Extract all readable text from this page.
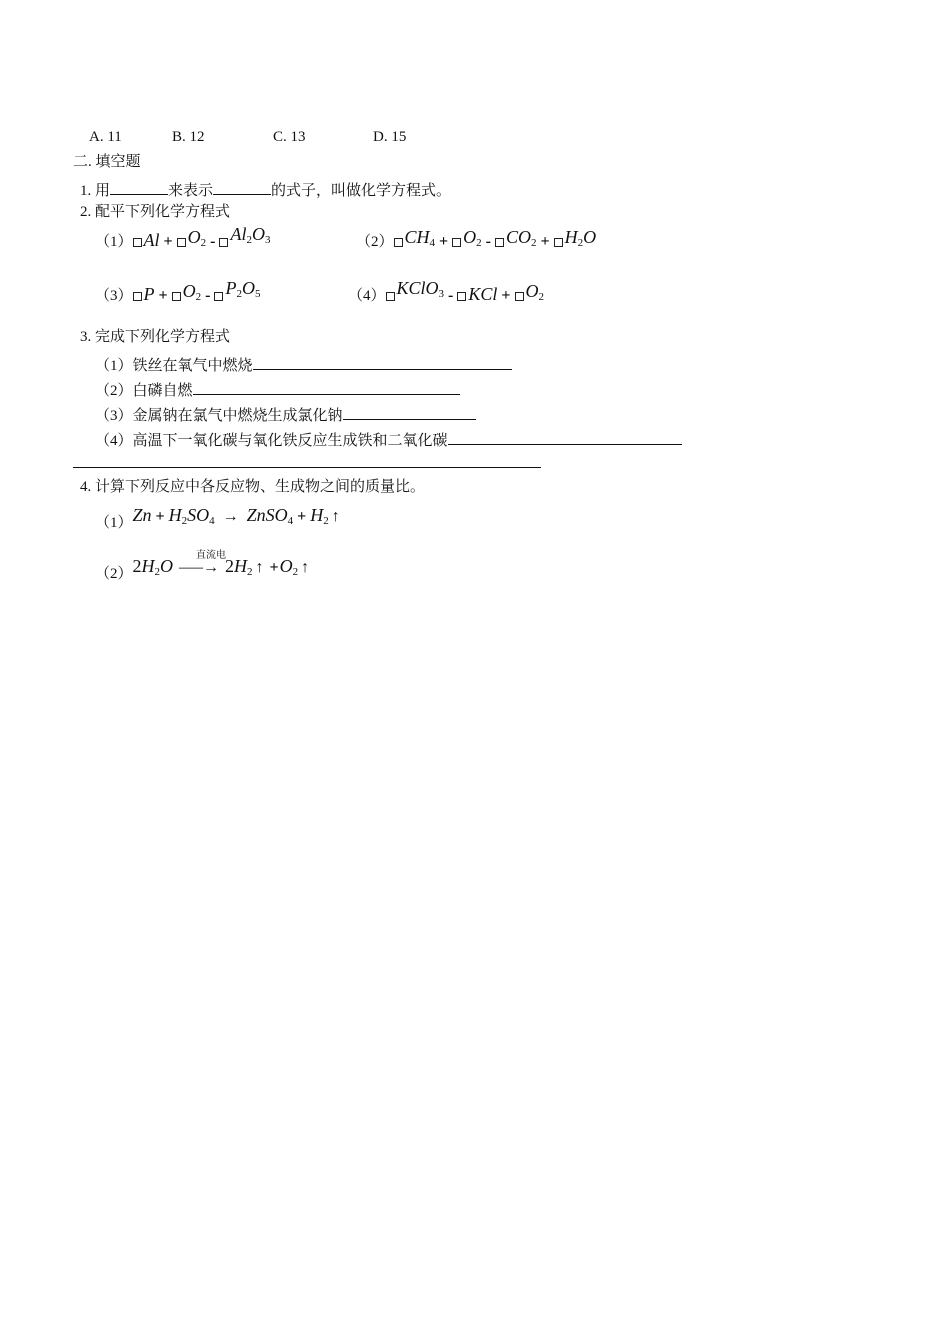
A. 11	B. 12	C. 13	D. 15
二. 填空题
1. 用	来表示	的式子，叫做化学方程式。
2. 配平下列化学方程式
（1） $Al + O_2 - Al_2O_3$	（2） $CH_4 + O_2 - CO_2 + H_2O$
（3） $P + O_2 - P_2O_5$	（4） KClO$_3$ - KCl + $O_2$
3. 完成下列化学方程式
（1）铁丝在氧气中燃烧
（2）白磷自燃
（3）金属钠在氯气中燃烧生成氯化钠
（4）高温下一氧化碳与氧化铁反应生成铁和二氧化碳
4. 计算下列反应中各反应物、生成物之间的质量比。
$(1)Zn + H_2SO_4$ → ZnSO$_4$ + $H_2$ ↑
$(2)2H_2O$
直流电
–––→ $2H_2$ ↑ $+O_2$ ↑
